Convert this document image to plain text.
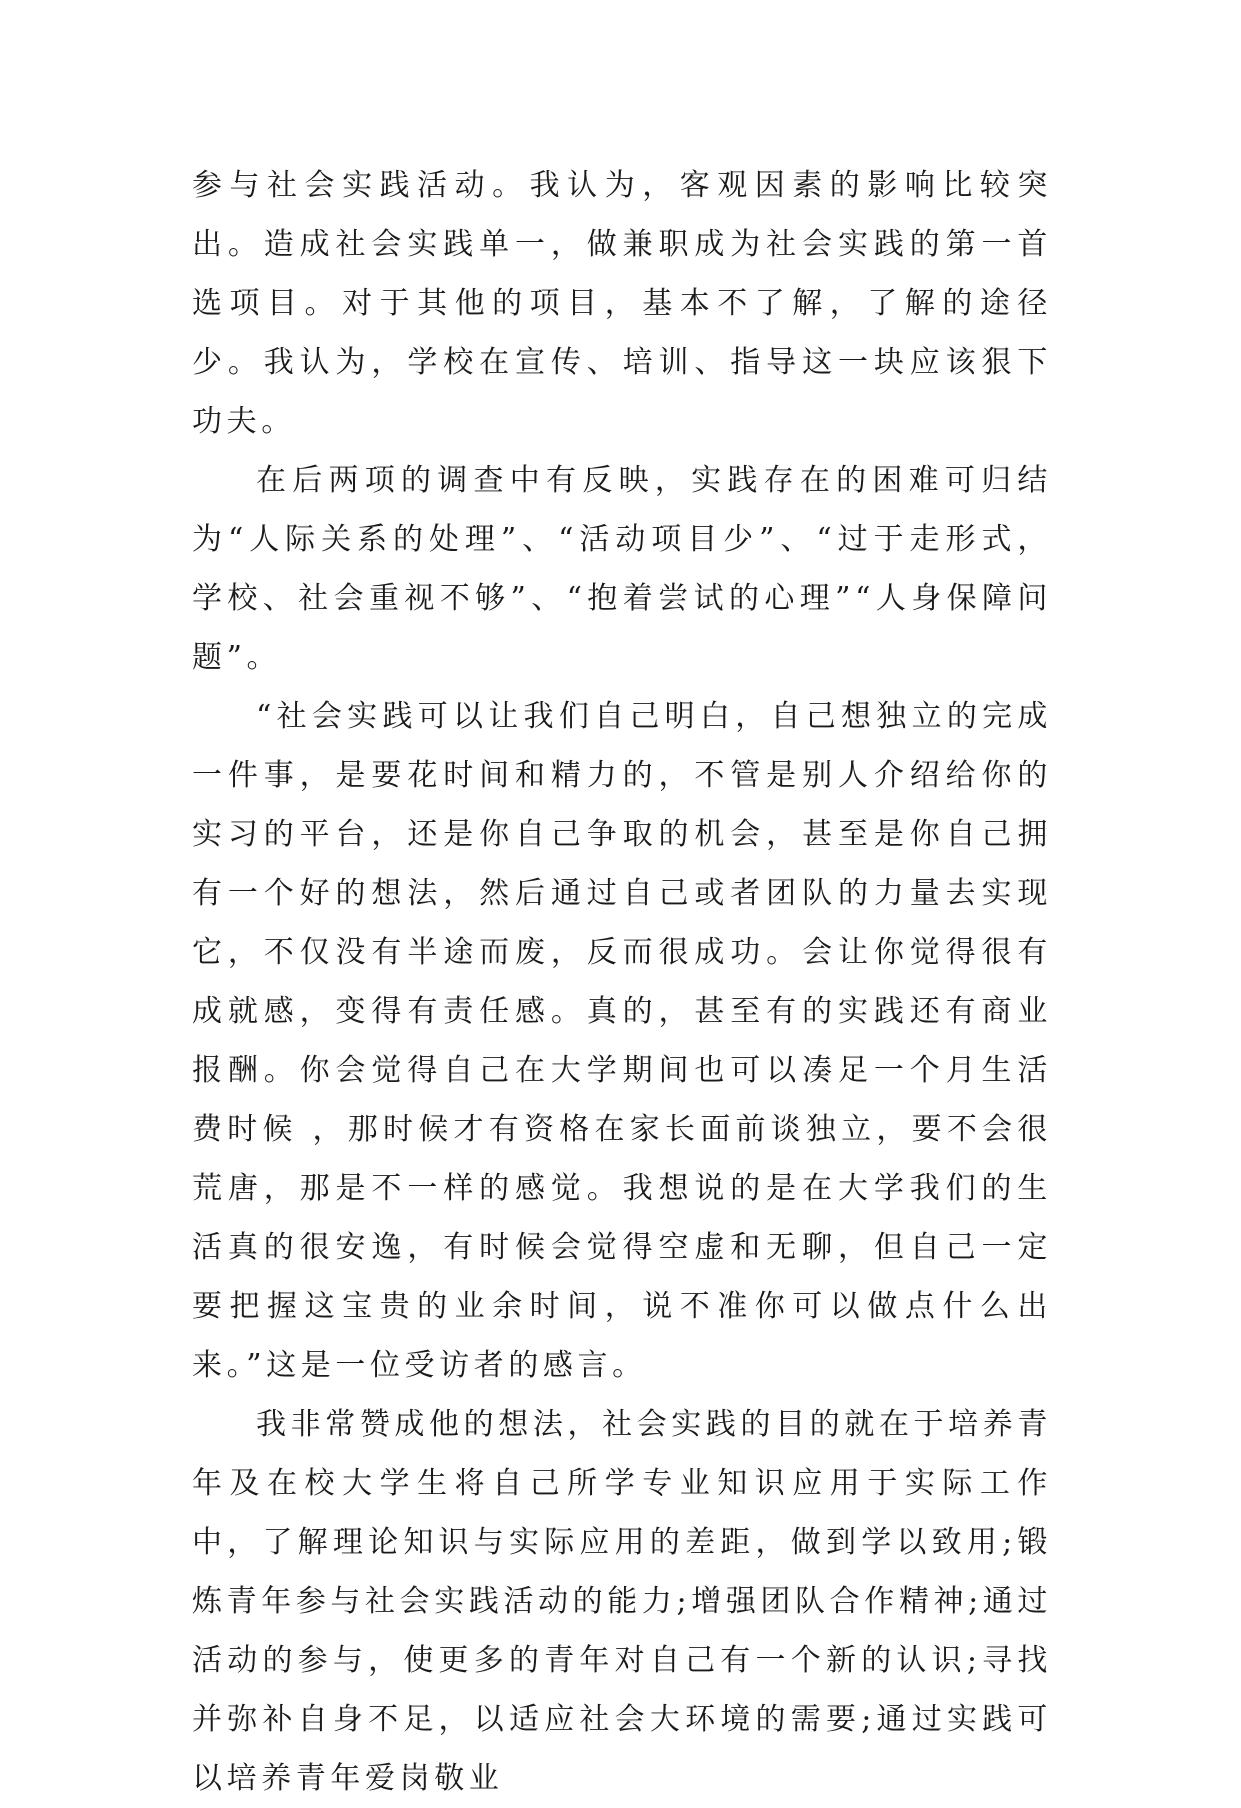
参与社会实践活动。我认为，客观因素的影响比较突出。造成社会实践单一，做兼职成为社会实践的第一首选项目。对于其他的项目，基本不了解，了解的途径少。我认为，学校在宣传、培训、指导这一块应该狠下功夫。

在后两项的调查中有反映，实践存在的困难可归结为“人际关系的处理”、“活动项目少”、“过于走形式，学校、社会重视不够”、“抱着尝试的心理”“人身保障问题”。

“社会实践可以让我们自己明白，自己想独立的完成一件事，是要花时间和精力的，不管是别人介绍给你的实习的平台，还是你自己争取的机会，甚至是你自己拥有一个好的想法，然后通过自己或者团队的力量去实现它，不仅没有半途而废，反而很成功。会让你觉得很有成就感，变得有责任感。真的，甚至有的实践还有商业报酬。你会觉得自己在大学期间也可以凑足一个月生活费时候 ，那时候才有资格在家长面前谈独立，要不会很荒唐，那是不一样的感觉。我想说的是在大学我们的生活真的很安逸，有时候会觉得空虚和无聊，但自己一定要把握这宝贵的业余时间，说不准你可以做点什么出来。”这是一位受访者的感言。

我非常赞成他的想法，社会实践的目的就在于培养青年及在校大学生将自己所学专业知识应用于实际工作中，了解理论知识与实际应用的差距，做到学以致用;锻炼青年参与社会实践活动的能力;增强团队合作精神;通过活动的参与，使更多的青年对自己有一个新的认识;寻找并弥补自身不足，以适应社会大环境的需要;通过实践可以培养青年爱岗敬业
